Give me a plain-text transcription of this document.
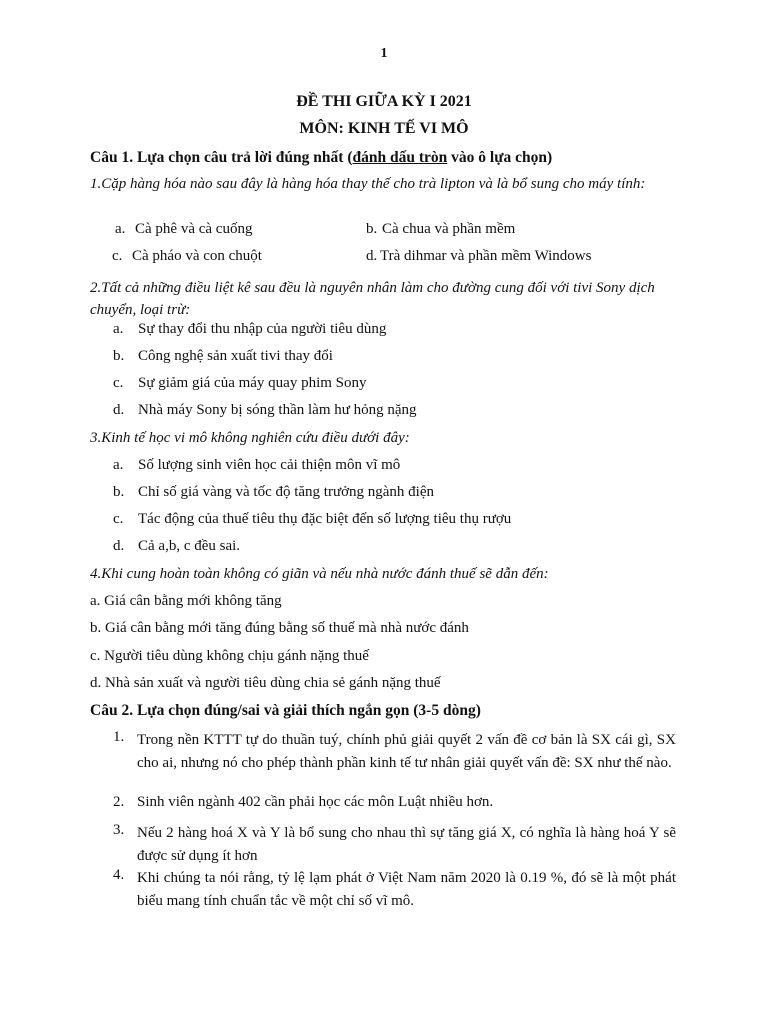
1
ĐỀ THI GIỮA KỲ I 2021
MÔN: KINH TẾ VI MÔ
Câu 1. Lựa chọn câu trả lời đúng nhất (đánh dấu tròn vào ô lựa chọn)
1.Cặp hàng hóa nào sau đây là hàng hóa thay thế cho trà lipton và là bổ sung cho máy tính:
a. Cà phê và cà cuống	b. Cà chua và phần mềm
c. Cà pháo và con chuột	d. Trà dihmar và phần mềm Windows
2.Tất cả những điều liệt kê sau đều là nguyên nhân làm cho đường cung đối với tivi Sony dịch chuyển, loại trừ:
a. Sự thay đổi thu nhập của người tiêu dùng
b. Công nghệ sản xuất tivi thay đổi
c. Sự giảm giá của máy quay phim Sony
d. Nhà máy Sony bị sóng thần làm hư hỏng nặng
3.Kinh tế học vi mô không nghiên cứu điều dưới đây:
a. Số lượng sinh viên học cải thiện môn vĩ mô
b. Chỉ số giá vàng và tốc độ tăng trưởng ngành điện
c. Tác động của thuế tiêu thụ đặc biệt đến số lượng tiêu thụ rượu
d. Cả a,b, c đều sai.
4.Khi cung hoàn toàn không có giãn và nếu nhà nước đánh thuế sẽ dẫn đến:
a. Giá cân bằng mới không tăng
b. Giá cân bằng mới tăng đúng bằng số thuế mà nhà nước đánh
c. Người tiêu dùng không chịu gánh nặng thuế
d. Nhà sản xuất và người tiêu dùng chia sẻ gánh nặng thuế
Câu 2. Lựa chọn đúng/sai và giải thích ngắn gọn (3-5 dòng)
1. Trong nền KTTT tự do thuần tuý, chính phủ giải quyết 2 vấn đề cơ bản là SX cái gì, SX cho ai, nhưng nó cho phép thành phần kinh tế tư nhân giải quyết vấn đề: SX như thế nào.
2. Sinh viên ngành 402 cần phải học các môn Luật nhiều hơn.
3. Nếu 2 hàng hoá X và Y là bổ sung cho nhau thì sự tăng giá X, có nghĩa là hàng hoá Y sẽ được sử dụng ít hơn
4. Khi chúng ta nói rằng, tỷ lệ lạm phát ở Việt Nam năm 2020 là 0.19 %, đó sẽ là một phát biểu mang tính chuẩn tắc về một chỉ số vĩ mô.
